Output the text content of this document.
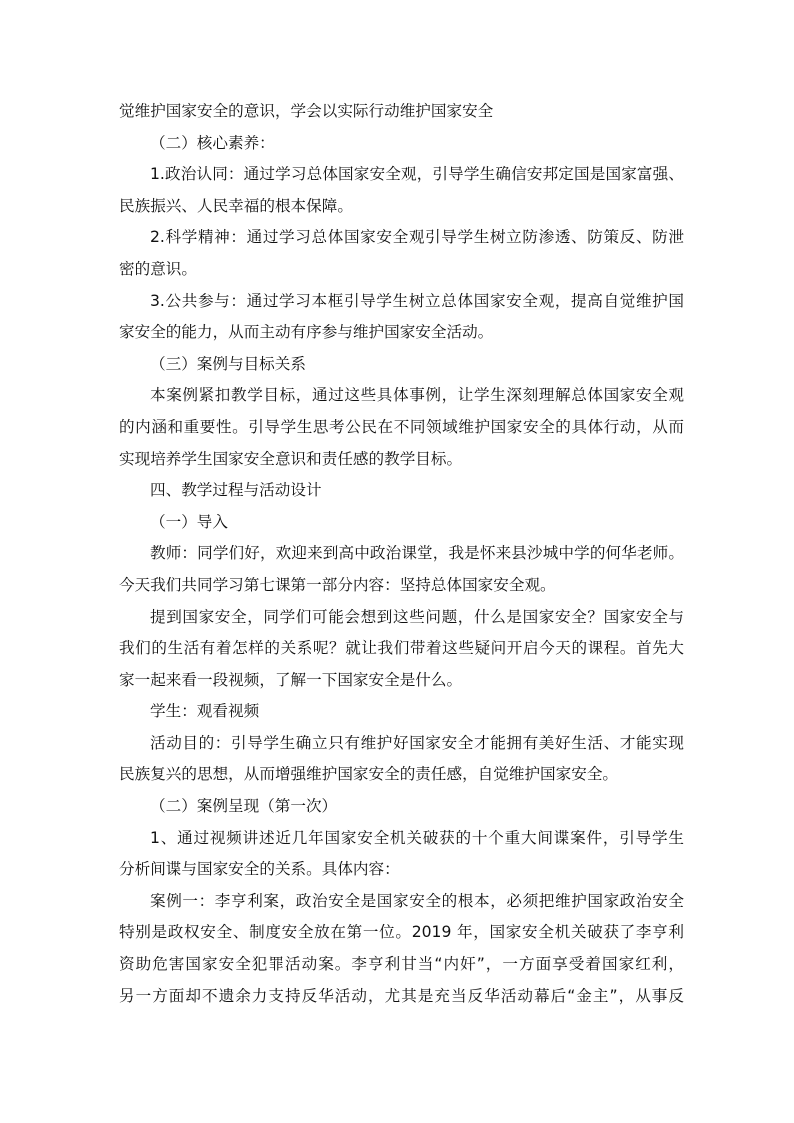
觉维护国家安全的意识，学会以实际行动维护国家安全

（二）核心素养：

1.政治认同：通过学习总体国家安全观，引导学生确信安邦定国是国家富强、

民族振兴、人民幸福的根本保障。

2.科学精神：通过学习总体国家安全观引导学生树立防渗透、防策反、防泄

密的意识。

3.公共参与：通过学习本框引导学生树立总体国家安全观，提高自觉维护国

家安全的能力，从而主动有序参与维护国家安全活动。

（三）案例与目标关系

本案例紧扣教学目标，通过这些具体事例，让学生深刻理解总体国家安全观

的内涵和重要性。引导学生思考公民在不同领域维护国家安全的具体行动，从而

实现培养学生国家安全意识和责任感的教学目标。

四、教学过程与活动设计

（一）导入

教师：同学们好，欢迎来到高中政治课堂，我是怀来县沙城中学的何华老师。

今天我们共同学习第七课第一部分内容：坚持总体国家安全观。

提到国家安全，同学们可能会想到这些问题，什么是国家安全？国家安全与

我们的生活有着怎样的关系呢？就让我们带着这些疑问开启今天的课程。首先大

家一起来看一段视频，了解一下国家安全是什么。

学生：观看视频

活动目的：引导学生确立只有维护好国家安全才能拥有美好生活、才能实现

民族复兴的思想，从而增强维护国家安全的责任感，自觉维护国家安全。

（二）案例呈现（第一次）

1、通过视频讲述近几年国家安全机关破获的十个重大间谍案件，引导学生

分析间谍与国家安全的关系。具体内容：

案例一：李亨利案，政治安全是国家安全的根本，必须把维护国家政治安全

特别是政权安全、制度安全放在第一位。2019 年，国家安全机关破获了李亨利

资助危害国家安全犯罪活动案。李亨利甘当“内奸”，一方面享受着国家红利，

另一方面却不遗余力支持反华活动，尤其是充当反华活动幕后“金主”，从事反
